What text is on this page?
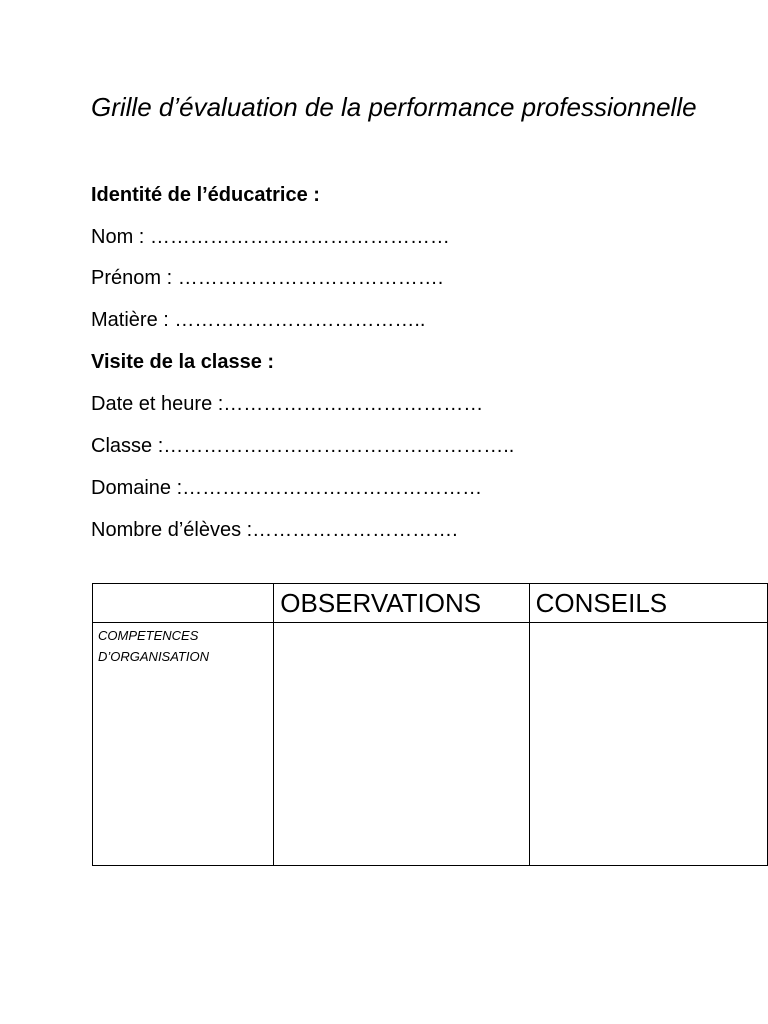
Grille d’évaluation de la performance professionnelle

Identité de l’éducatrice :

Nom : ………………………………………

Prénom : ………………………………….

Matière : ………………………………..

Visite de la classe :

Date et heure :…………………………………

Classe :……………………………………………..

Domaine :………………………………………

Nombre d’élèves :………………………….

	OBSERVATIONS	CONSEILS

COMPETENCES D’ORGANISATION		
